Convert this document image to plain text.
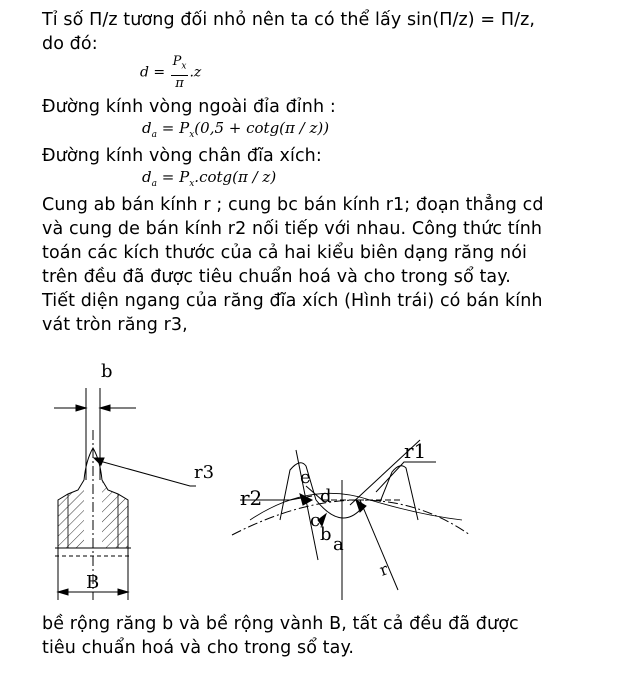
Tỉ số Π/z tương đối nhỏ nên ta có thể lấy sin(Π/z) = Π/z,
do đó:
$d = \frac{P_x}{\pi} .z$
Đường kính vòng ngoài đỉa đỉnh :
$d_a = P_x(0,5 + \cot g(\pi / z))$
Đường kính vòng chân đĩa xích:
$d_a = P_x.\cot g(\pi / z)$
Cung ab bán kính r ; cung bc bán kính r1; đoạn thẳng cd
và cung de bán kính r2 nối tiếp với nhau. Công thức tính
toán các kích thước của cả hai kiểu biên dạng răng nói
trên đều đã được tiêu chuẩn hoá và cho trong sổ tay.
Tiết diện ngang của răng đĩa xích (Hình trái) có bán kính
vát tròn răng r3,
b
r3
B
r1
r2
e
d
c
b a
r
bề rộng răng b và bề rộng vành B, tất cả đều đã được
tiêu chuẩn hoá và cho trong sổ tay.
